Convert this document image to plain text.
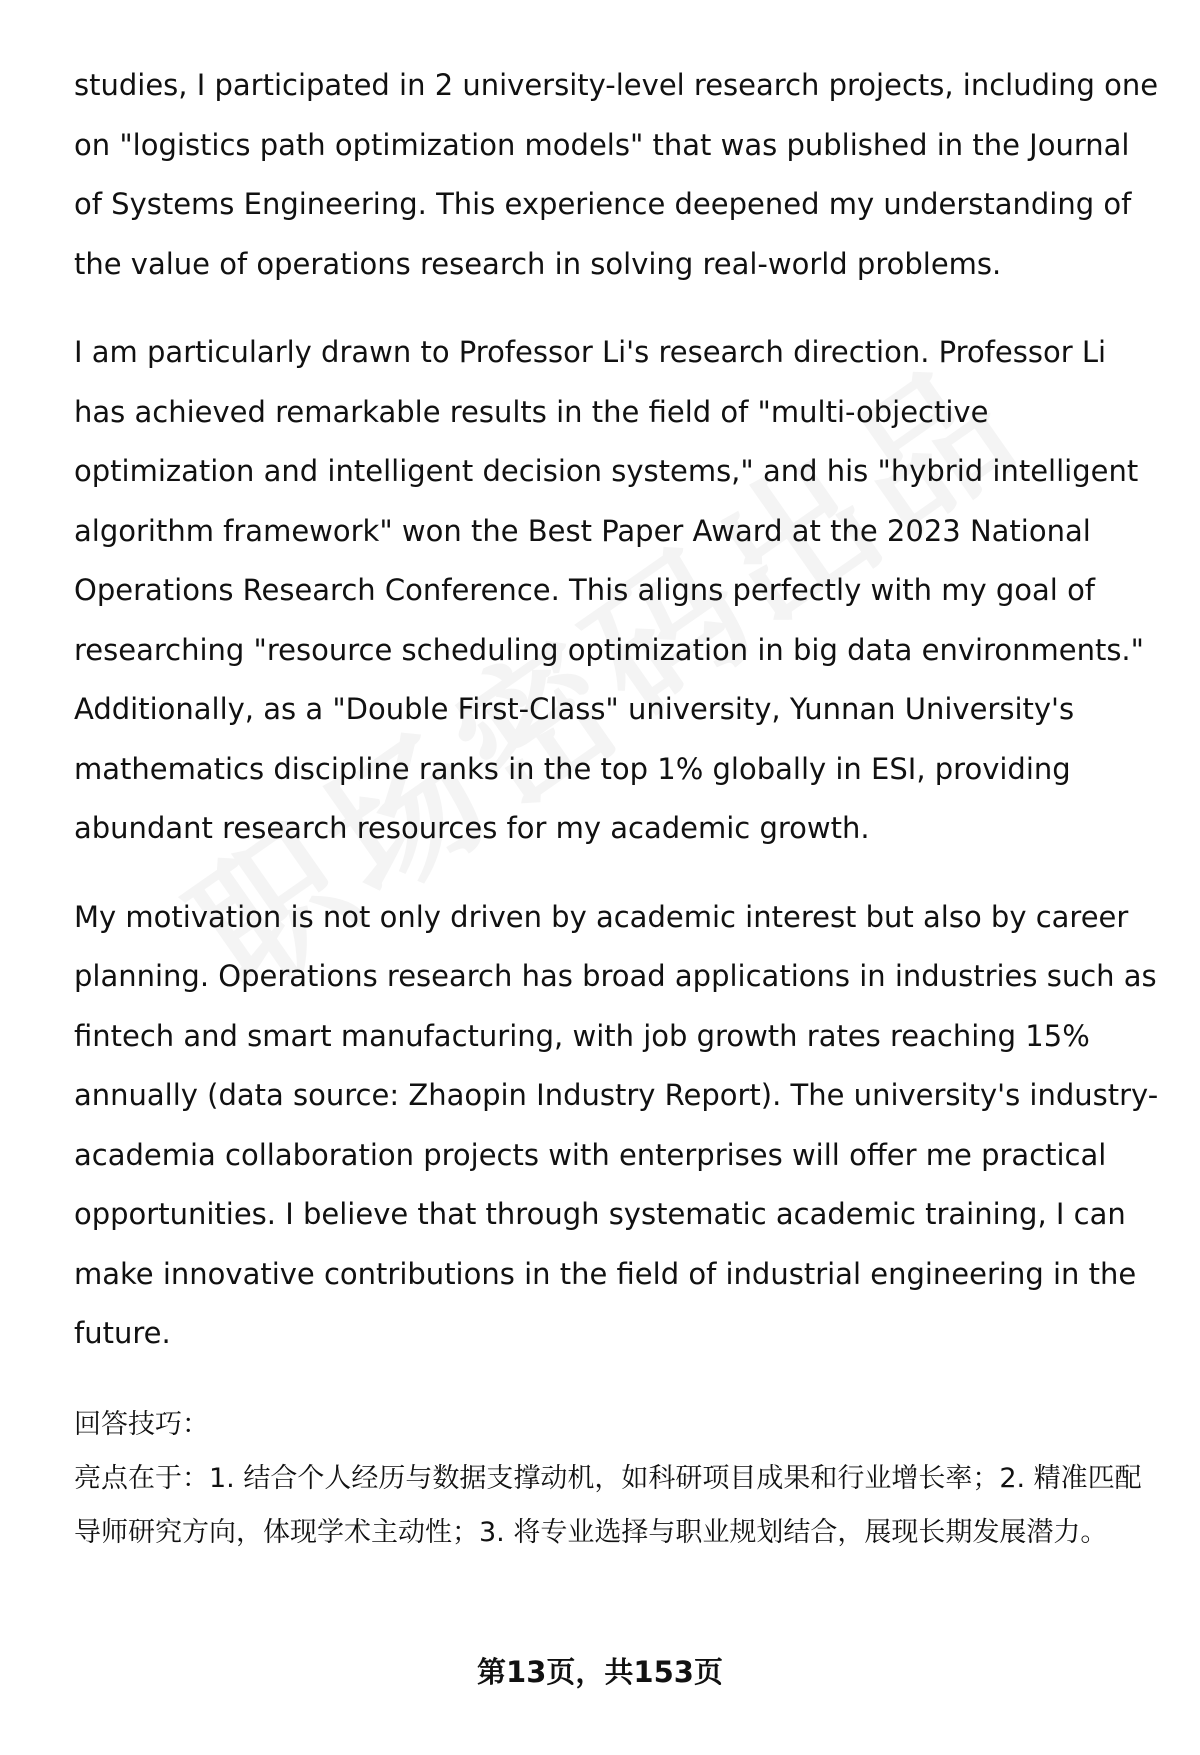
studies, I participated in 2 university-level research projects, including one on "logistics path optimization models" that was published in the Journal of Systems Engineering. This experience deepened my understanding of the value of operations research in solving real-world problems.

I am particularly drawn to Professor Li's research direction. Professor Li has achieved remarkable results in the field of "multi-objective optimization and intelligent decision systems," and his "hybrid intelligent algorithm framework" won the Best Paper Award at the 2023 National Operations Research Conference. This aligns perfectly with my goal of researching "resource scheduling optimization in big data environments." Additionally, as a "Double First-Class" university, Yunnan University's mathematics discipline ranks in the top 1% globally in ESI, providing abundant research resources for my academic growth.

My motivation is not only driven by academic interest but also by career planning. Operations research has broad applications in industries such as fintech and smart manufacturing, with job growth rates reaching 15% annually (data source: Zhaopin Industry Report). The university's industry-academia collaboration projects with enterprises will offer me practical opportunities. I believe that through systematic academic training, I can make innovative contributions in the field of industrial engineering in the future.

回答技巧：

亮点在于：1. 结合个人经历与数据支撑动机，如科研项目成果和行业增长率；2. 精准匹配导师研究方向，体现学术主动性；3. 将专业选择与职业规划结合，展现长期发展潜力。

第13页，共153页
